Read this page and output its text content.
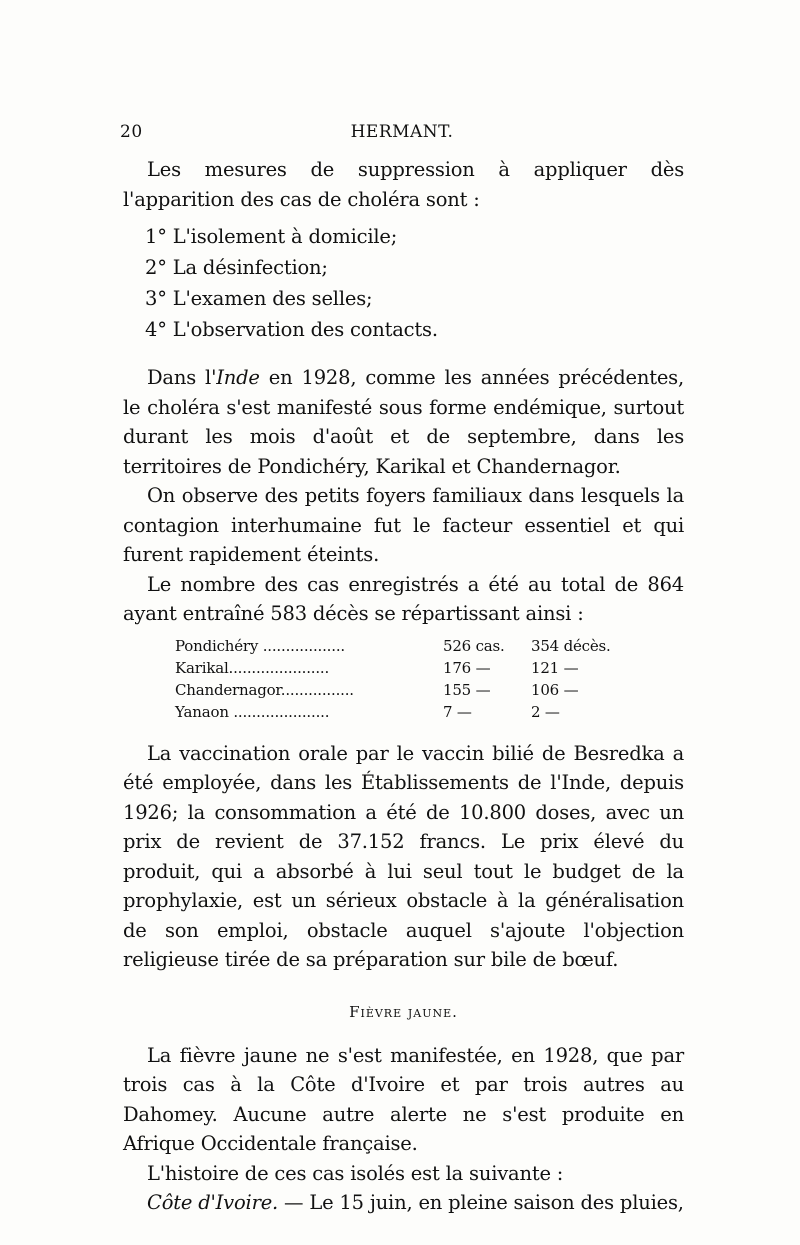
20	HERMANT.

Les mesures de suppression à appliquer dès l'apparition des cas de choléra sont :

1° L'isolement à domicile;
2° La désinfection;
3° L'examen des selles;
4° L'observation des contacts.

Dans l'Inde en 1928, comme les années précédentes, le choléra s'est manifesté sous forme endémique, surtout durant les mois d'août et de septembre, dans les territoires de Pondichéry, Karikal et Chandernagor.

On observe des petits foyers familiaux dans lesquels la contagion interhumaine fut le facteur essentiel et qui furent rapidement éteints.

Le nombre des cas enregistrés a été au total de 864 ayant entraîné 583 décès se répartissant ainsi :

Pondichéry ..................	526 cas.	354 décès.
Karikal......................	176 —	121 —
Chandernagor................	155 —	106 —
Yanaon .....................	7 —	2 —

La vaccination orale par le vaccin bilié de Besredka a été employée, dans les Établissements de l'Inde, depuis 1926; la consommation a été de 10.800 doses, avec un prix de revient de 37.152 francs. Le prix élevé du produit, qui a absorbé à lui seul tout le budget de la prophylaxie, est un sérieux obstacle à la généralisation de son emploi, obstacle auquel s'ajoute l'objection religieuse tirée de sa préparation sur bile de bœuf.

Fièvre jaune.

La fièvre jaune ne s'est manifestée, en 1928, que par trois cas à la Côte d'Ivoire et par trois autres au Dahomey. Aucune autre alerte ne s'est produite en Afrique Occidentale française.

L'histoire de ces cas isolés est la suivante :

Côte d'Ivoire. — Le 15 juin, en pleine saison des pluies,
